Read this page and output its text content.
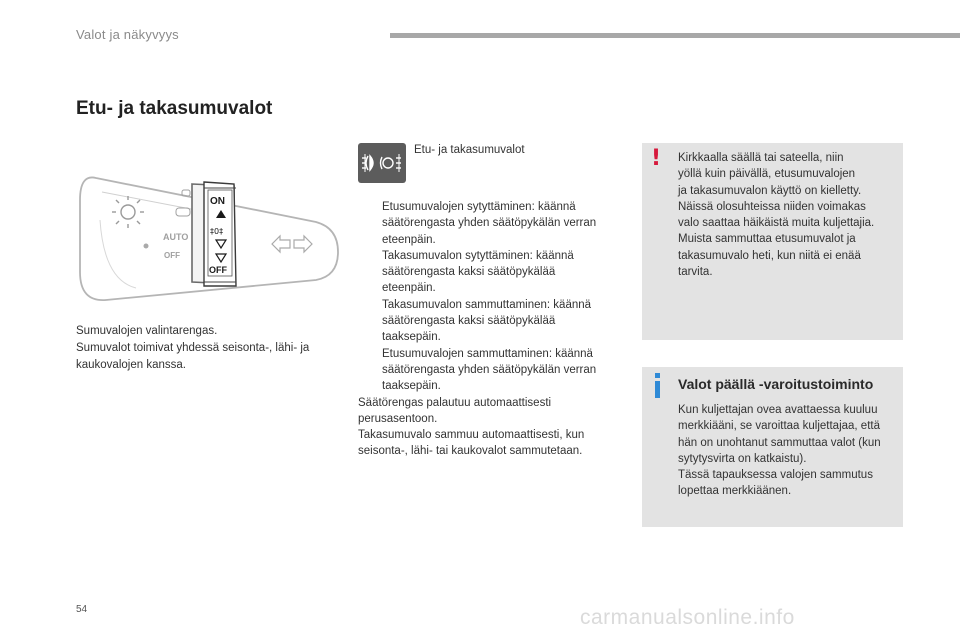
Valot ja näkyvyys
Etu- ja takasumuvalot
AUTO
OFF
ON
‡0‡
OFF
Sumuvalojen valintarengas.
Sumuvalot toimivat yhdessä seisonta-, lähi- ja
kaukovalojen kanssa.
Etu- ja takasumuvalot
Etusumuvalojen sytyttäminen: käännä
säätörengasta yhden säätöpykälän verran
eteenpäin.
Takasumuvalon sytyttäminen: käännä
säätörengasta kaksi säätöpykälää
eteenpäin.
Takasumuvalon sammuttaminen: käännä
säätörengasta kaksi säätöpykälää
taaksepäin.
Etusumuvalojen sammuttaminen: käännä
säätörengasta yhden säätöpykälän verran
taaksepäin.
Säätörengas palautuu automaattisesti
perusasentoon.
Takasumuvalo sammuu automaattisesti, kun
seisonta-, lähi- tai kaukovalot sammutetaan.
! Kirkkaalla säällä tai sateella, niin
yöllä kuin päivällä, etusumuvalojen
ja takasumuvalon käyttö on kielletty.
Näissä olosuhteissa niiden voimakas
valo saattaa häikäistä muita kuljettajia.
Muista sammuttaa etusumuvalot ja
takasumuvalo heti, kun niitä ei enää
tarvita.
Valot päällä -varoitustoiminto
Kun kuljettajan ovea avattaessa kuuluu
merkkiääni, se varoittaa kuljettajaa, että
hän on unohtanut sammuttaa valot (kun
sytytysvirta on katkaistu).
Tässä tapauksessa valojen sammutus
lopettaa merkkiäänen.
54	carmanualsonline.info
